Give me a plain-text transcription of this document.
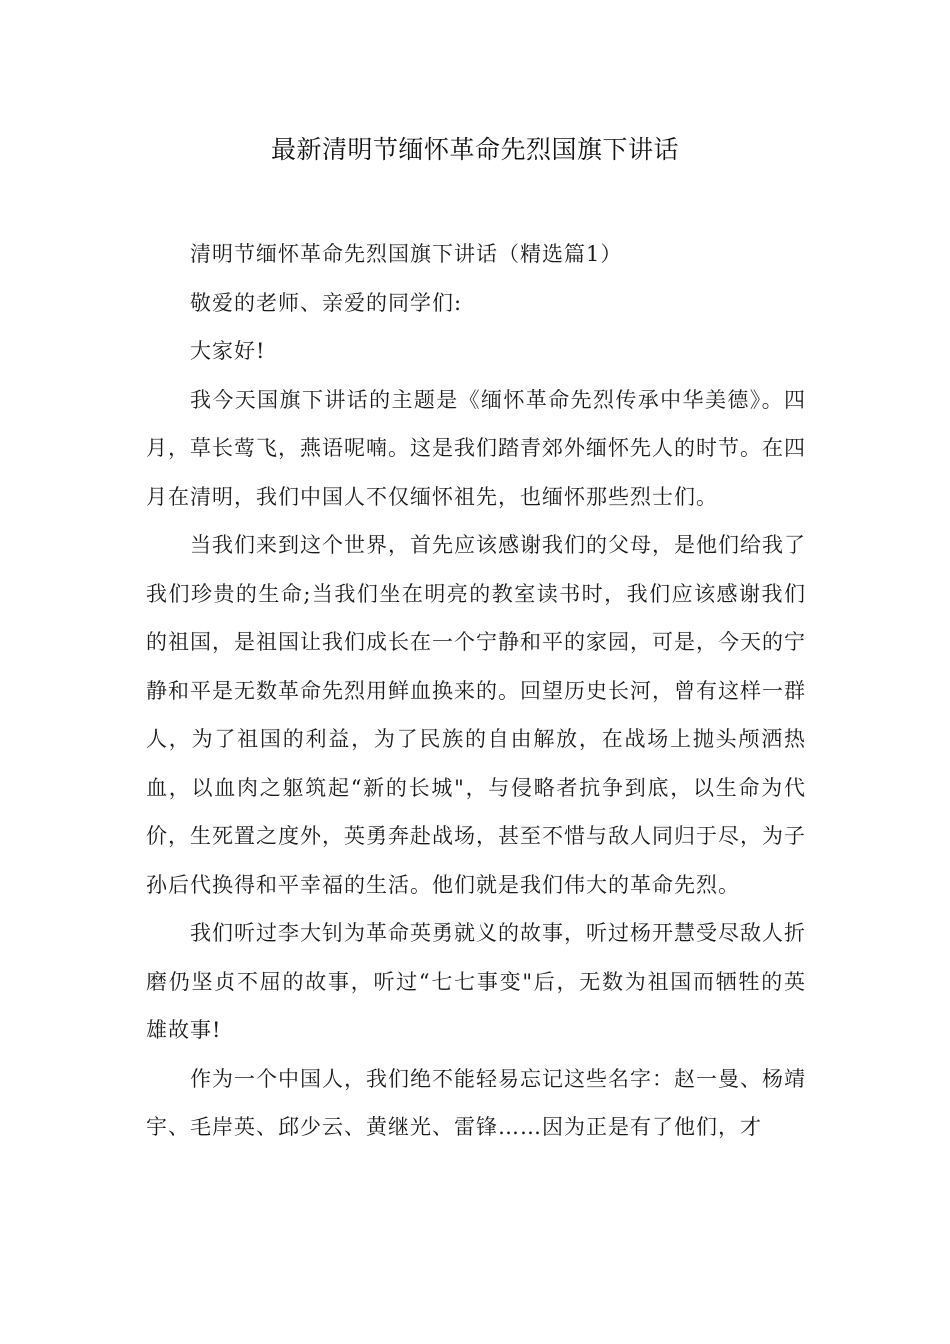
最新清明节缅怀革命先烈国旗下讲话

清明节缅怀革命先烈国旗下讲话（精选篇1）

敬爱的老师、亲爱的同学们:

大家好!

我今天国旗下讲话的主题是《缅怀革命先烈传承中华美德》。四月，草长莺飞，燕语呢喃。这是我们踏青郊外缅怀先人的时节。在四月在清明，我们中国人不仅缅怀祖先，也缅怀那些烈士们。

当我们来到这个世界，首先应该感谢我们的父母，是他们给我了我们珍贵的生命;当我们坐在明亮的教室读书时，我们应该感谢我们的祖国，是祖国让我们成长在一个宁静和平的家园，可是，今天的宁静和平是无数革命先烈用鲜血换来的。回望历史长河，曾有这样一群人，为了祖国的利益，为了民族的自由解放，在战场上抛头颅洒热血，以血肉之躯筑起“新的长城"，与侵略者抗争到底，以生命为代价，生死置之度外，英勇奔赴战场，甚至不惜与敌人同归于尽，为子孙后代换得和平幸福的生活。他们就是我们伟大的革命先烈。

我们听过李大钊为革命英勇就义的故事，听过杨开慧受尽敌人折磨仍坚贞不屈的故事，听过“七七事变"后，无数为祖国而牺牲的英雄故事!

作为一个中国人，我们绝不能轻易忘记这些名字：赵一曼、杨靖宇、毛岸英、邱少云、黄继光、雷锋……因为正是有了他们，才
